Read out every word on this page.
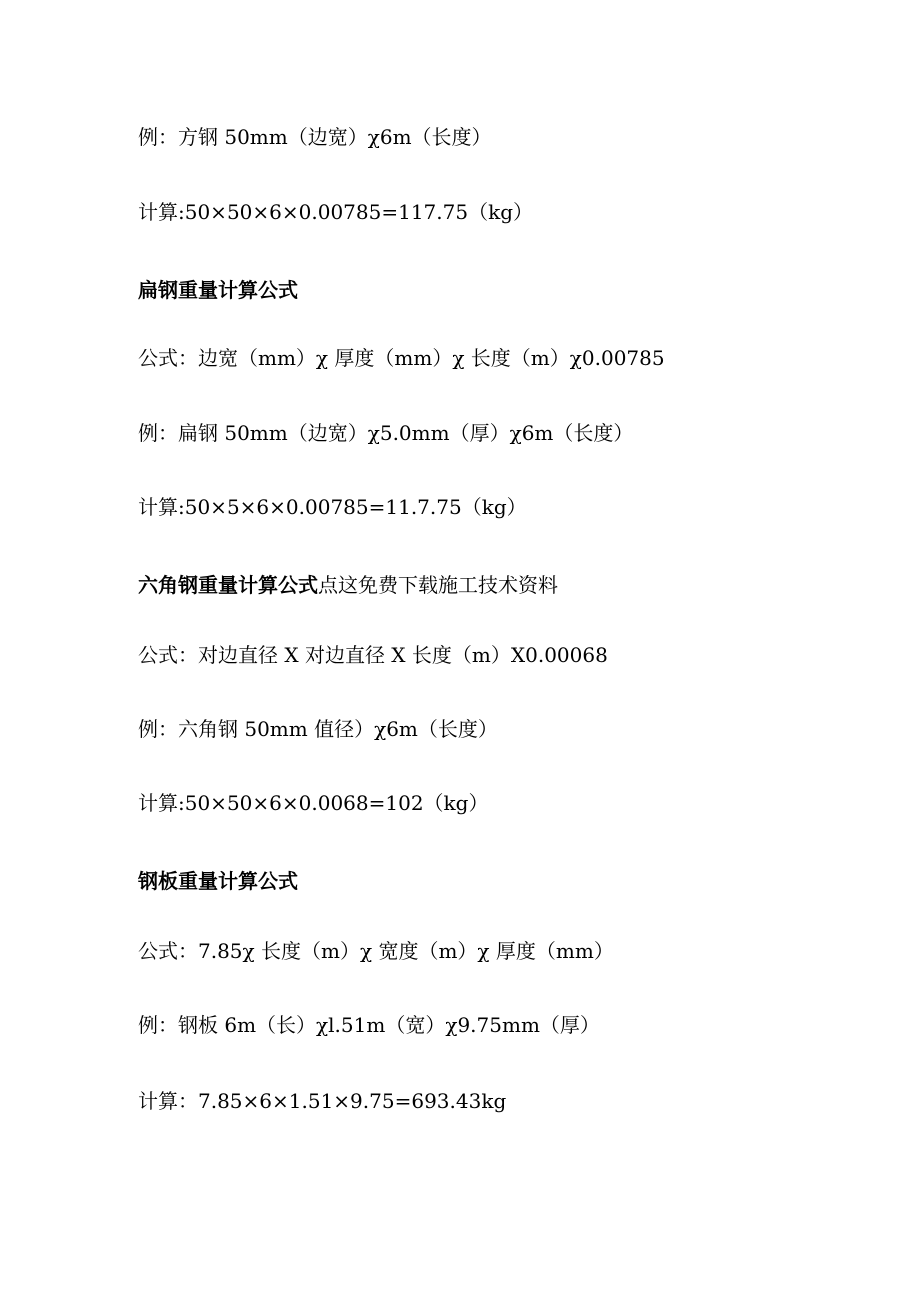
例：方钢 50mm（边宽）χ6m（长度）
计算:50×50×6×0.00785=117.75（kg）
扁钢重量计算公式
公式：边宽（mm）χ 厚度（mm）χ 长度（m）χ0.00785
例：扁钢 50mm（边宽）χ5.0mm（厚）χ6m（长度）
计算:50×5×6×0.00785=11.7.75（kg）
六角钢重量计算公式点这免费下载施工技术资料
公式：对边直径 X 对边直径 X 长度（m）X0.00068
例：六角钢 50mm 值径）χ6m（长度）
计算:50×50×6×0.0068=102（kg）
钢板重量计算公式
公式：7.85χ 长度（m）χ 宽度（m）χ 厚度（mm）
例：钢板 6m（长）χl.51m（宽）χ9.75mm（厚）
计算：7.85×6×1.51×9.75=693.43kg
